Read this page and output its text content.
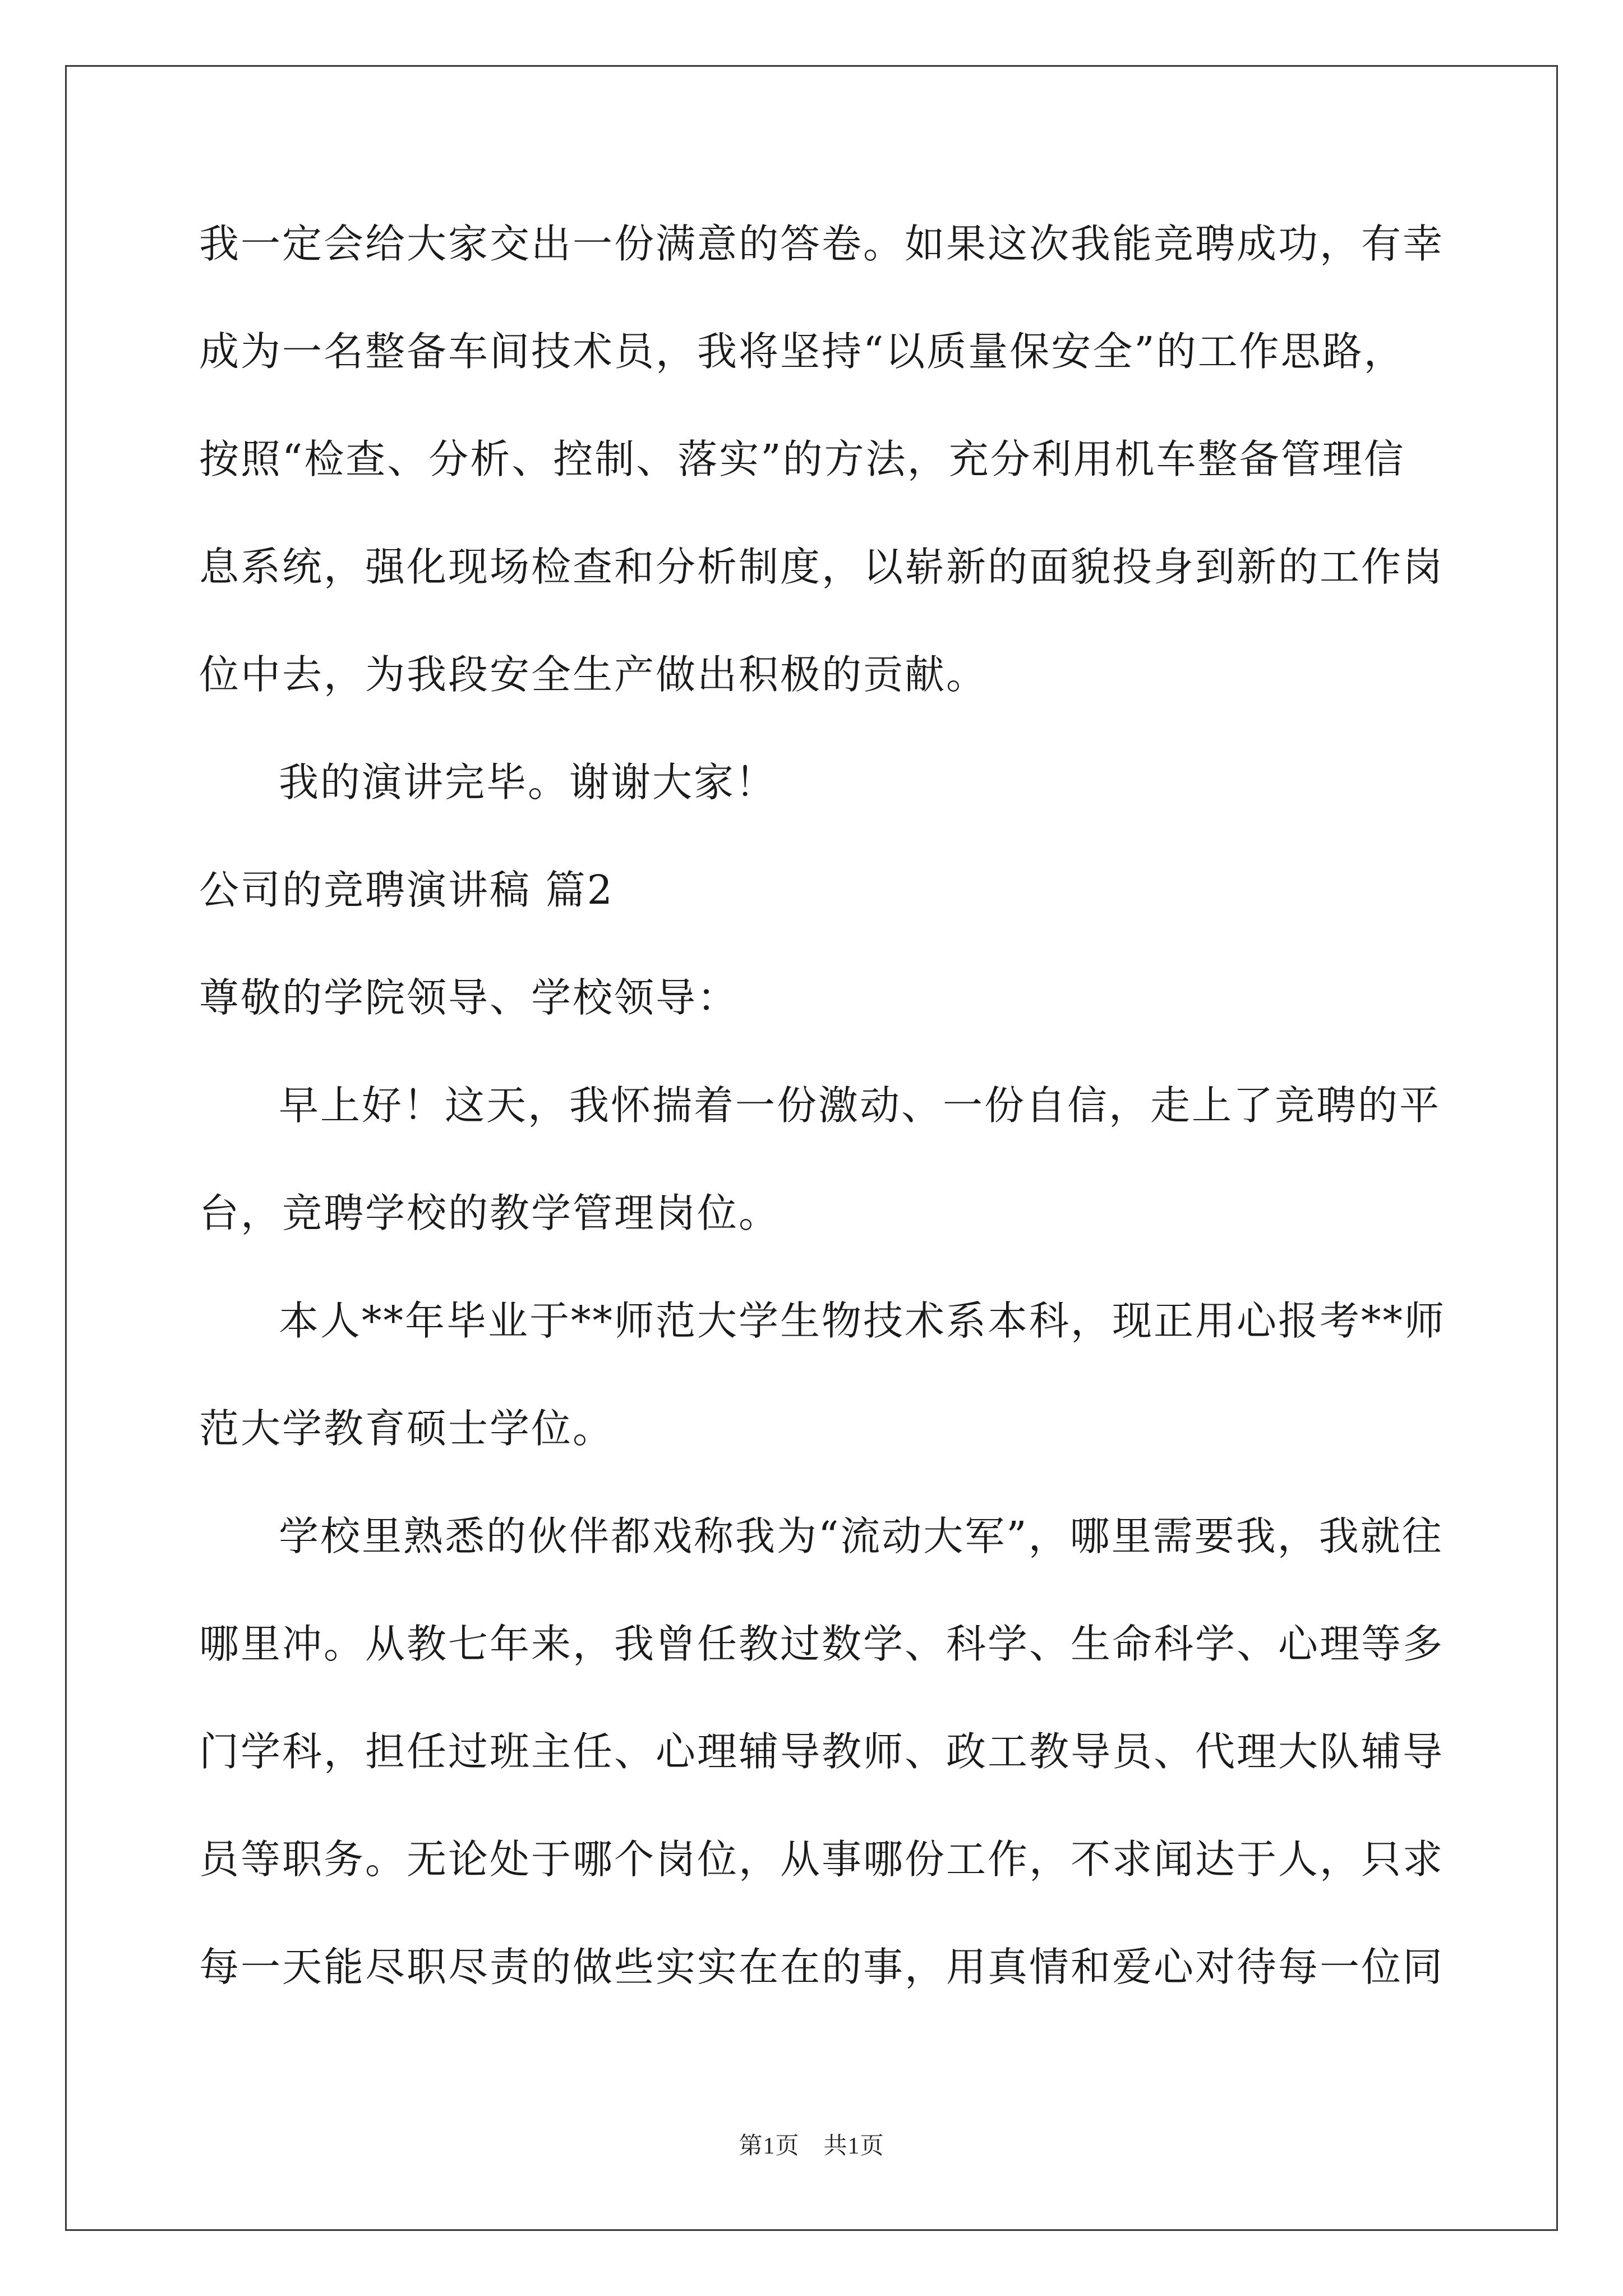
我一定会给大家交出一份满意的答卷。如果这次我能竞聘成功，有幸
成为一名整备车间技术员，我将坚持“以质量保安全”的工作思路，
按照“检查、分析、控制、落实”的方法，充分利用机车整备管理信
息系统，强化现场检查和分析制度，以崭新的面貌投身到新的工作岗
位中去，为我段安全生产做出积极的贡献。
我的演讲完毕。谢谢大家！
公司的竞聘演讲稿 篇2
尊敬的学院领导、学校领导：
早上好！这天，我怀揣着一份激动、一份自信，走上了竞聘的平
台，竞聘学校的教学管理岗位。
本人**年毕业于**师范大学生物技术系本科，现正用心报考**师
范大学教育硕士学位。
学校里熟悉的伙伴都戏称我为“流动大军”，哪里需要我，我就往
哪里冲。从教七年来，我曾任教过数学、科学、生命科学、心理等多
门学科，担任过班主任、心理辅导教师、政工教导员、代理大队辅导
员等职务。无论处于哪个岗位，从事哪份工作，不求闻达于人，只求
每一天能尽职尽责的做些实实在在的事，用真情和爱心对待每一位同
第1页　共1页
